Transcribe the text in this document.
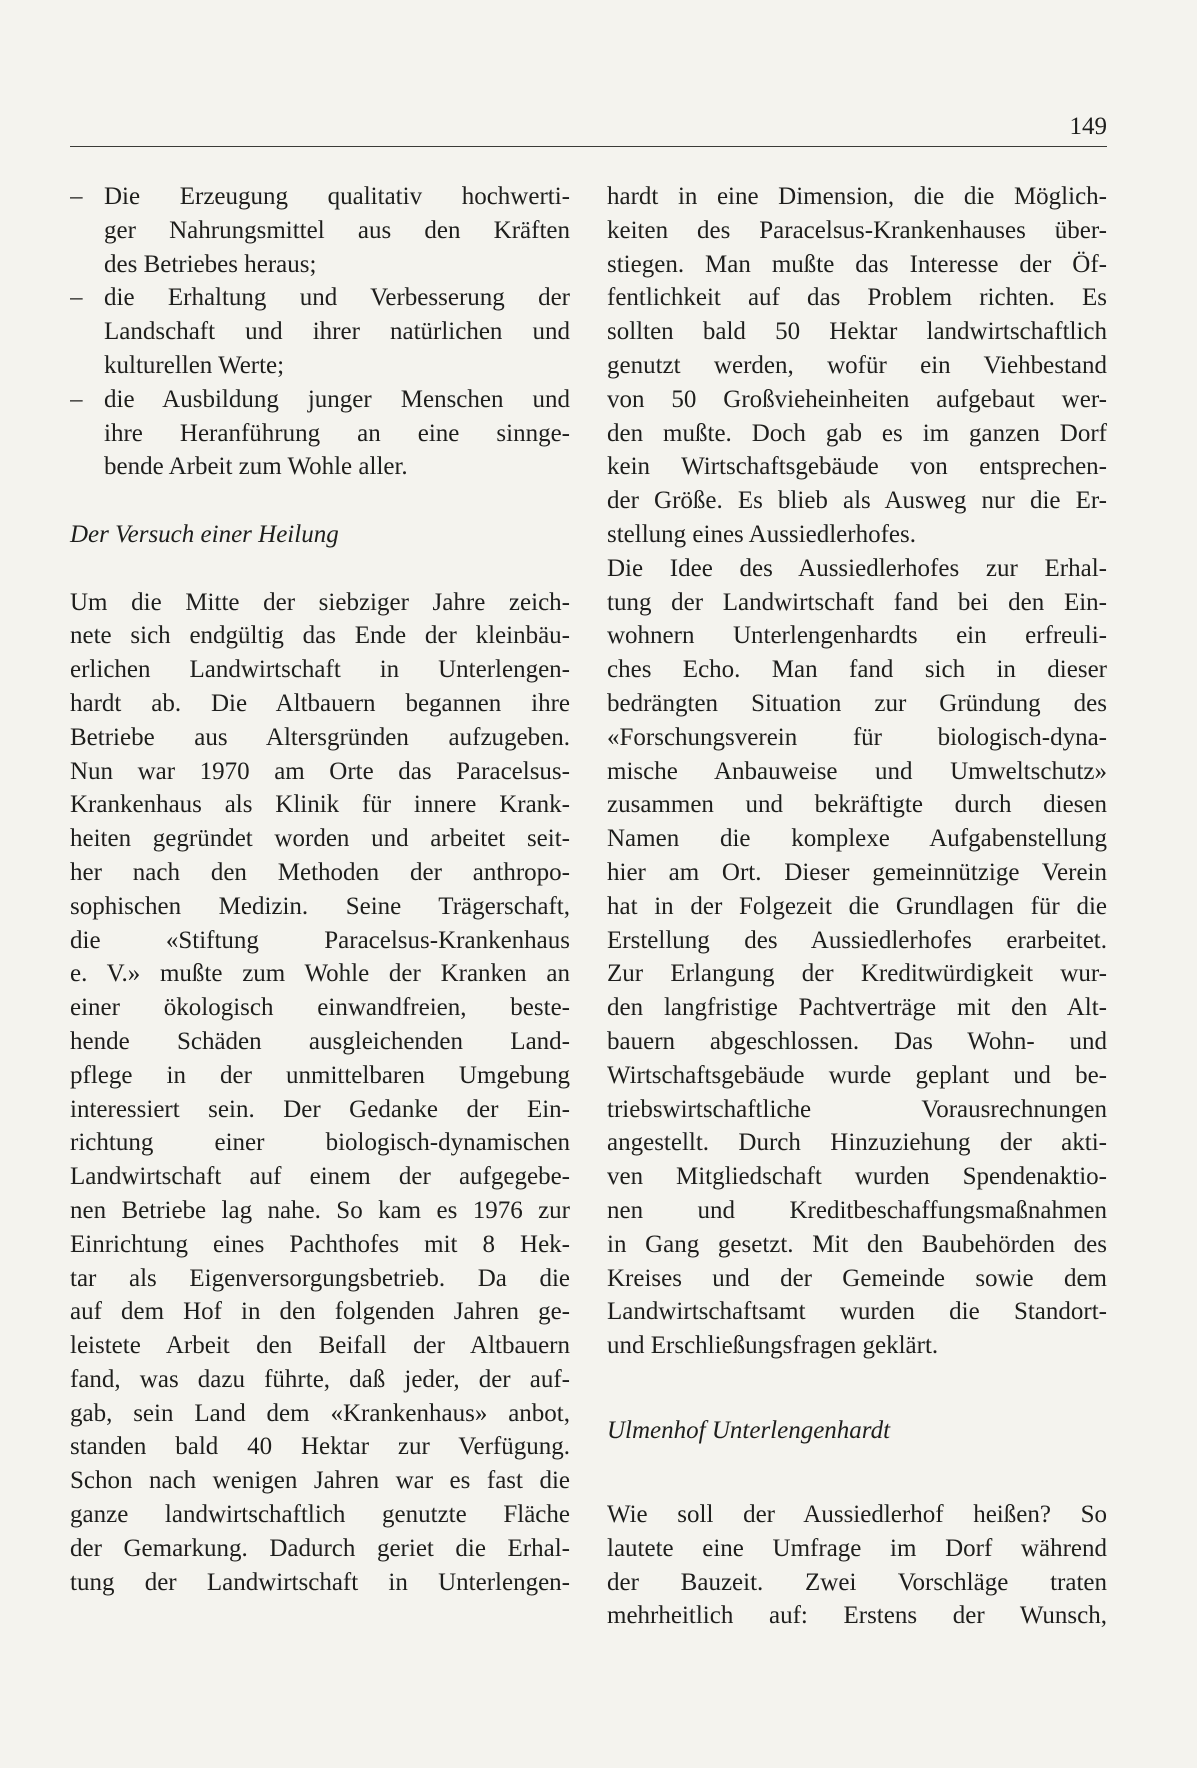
149
– Die Erzeugung qualitativ hochwerti-
ger Nahrungsmittel aus den Kräften
des Betriebes heraus;
– die Erhaltung und Verbesserung der
Landschaft und ihrer natürlichen und
kulturellen Werte;
– die Ausbildung junger Menschen und
ihre Heranführung an eine sinnge-
bende Arbeit zum Wohle aller.
Der Versuch einer Heilung
Um die Mitte der siebziger Jahre zeich-
nete sich endgültig das Ende der kleinbäu-
erlichen Landwirtschaft in Unterlengen-
hardt ab. Die Altbauern begannen ihre
Betriebe aus Altersgründen aufzugeben.
Nun war 1970 am Orte das Paracelsus-
Krankenhaus als Klinik für innere Krank-
heiten gegründet worden und arbeitet seit-
her nach den Methoden der anthropo-
sophischen Medizin. Seine Trägerschaft,
die «Stiftung Paracelsus-Krankenhaus
e. V.» mußte zum Wohle der Kranken an
einer ökologisch einwandfreien, beste-
hende Schäden ausgleichenden Land-
pflege in der unmittelbaren Umgebung
interessiert sein. Der Gedanke der Ein-
richtung einer biologisch-dynamischen
Landwirtschaft auf einem der aufgegebe-
nen Betriebe lag nahe. So kam es 1976 zur
Einrichtung eines Pachthofes mit 8 Hek-
tar als Eigenversorgungsbetrieb. Da die
auf dem Hof in den folgenden Jahren ge-
leistete Arbeit den Beifall der Altbauern
fand, was dazu führte, daß jeder, der auf-
gab, sein Land dem «Krankenhaus» anbot,
standen bald 40 Hektar zur Verfügung.
Schon nach wenigen Jahren war es fast die
ganze landwirtschaftlich genutzte Fläche
der Gemarkung. Dadurch geriet die Erhal-
tung der Landwirtschaft in Unterlengen-
hardt in eine Dimension, die die Möglich-
keiten des Paracelsus-Krankenhauses über-
stiegen. Man mußte das Interesse der Öf-
fentlichkeit auf das Problem richten. Es
sollten bald 50 Hektar landwirtschaftlich
genutzt werden, wofür ein Viehbestand
von 50 Großvieheinheiten aufgebaut wer-
den mußte. Doch gab es im ganzen Dorf
kein Wirtschaftsgebäude von entsprechen-
der Größe. Es blieb als Ausweg nur die Er-
stellung eines Aussiedlerhofes.
Die Idee des Aussiedlerhofes zur Erhal-
tung der Landwirtschaft fand bei den Ein-
wohnern Unterlengenhardts ein erfreuli-
ches Echo. Man fand sich in dieser
bedrängten Situation zur Gründung des
«Forschungsverein für biologisch-dyna-
mische Anbauweise und Umweltschutz»
zusammen und bekräftigte durch diesen
Namen die komplexe Aufgabenstellung
hier am Ort. Dieser gemeinnützige Verein
hat in der Folgezeit die Grundlagen für die
Erstellung des Aussiedlerhofes erarbeitet.
Zur Erlangung der Kreditwürdigkeit wur-
den langfristige Pachtverträge mit den Alt-
bauern abgeschlossen. Das Wohn- und
Wirtschaftsgebäude wurde geplant und be-
triebswirtschaftliche Vorausrechnungen
angestellt. Durch Hinzuziehung der akti-
ven Mitgliedschaft wurden Spendenaktio-
nen und Kreditbeschaffungsmaßnahmen
in Gang gesetzt. Mit den Baubehörden des
Kreises und der Gemeinde sowie dem
Landwirtschaftsamt wurden die Standort-
und Erschließungsfragen geklärt.
Ulmenhof Unterlengenhardt
Wie soll der Aussiedlerhof heißen? So
lautete eine Umfrage im Dorf während
der Bauzeit. Zwei Vorschläge traten
mehrheitlich auf: Erstens der Wunsch,
